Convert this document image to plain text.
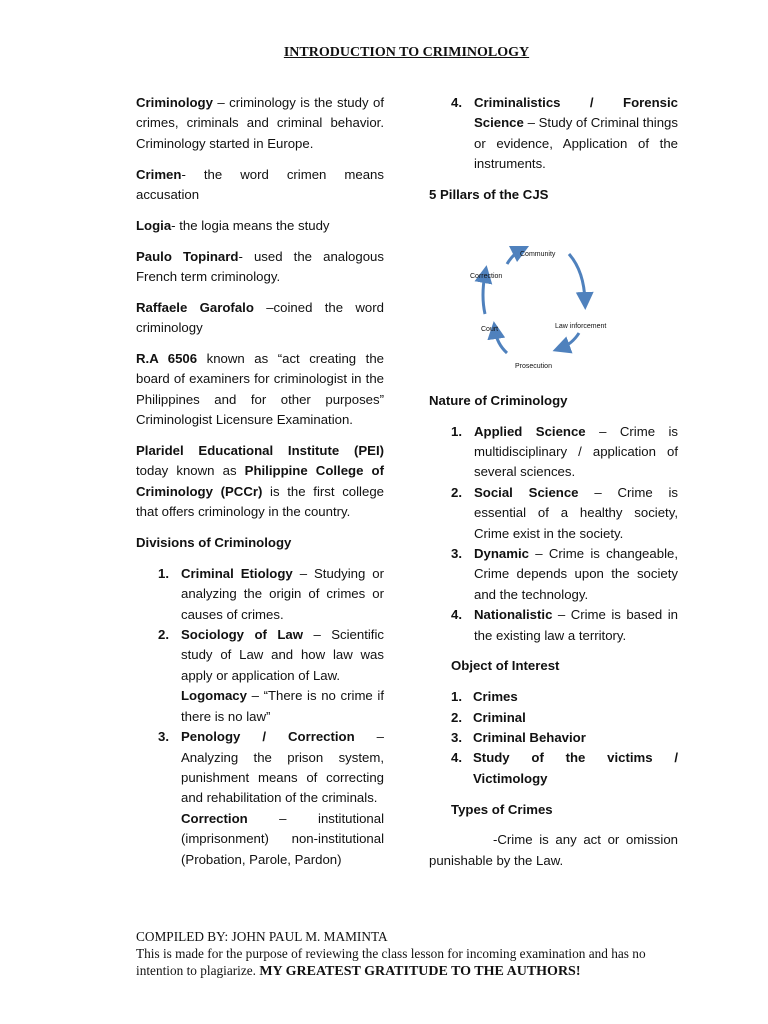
INTRODUCTION TO CRIMINOLOGY

Criminology – criminology is the study of crimes, criminals and criminal behavior. Criminology started in Europe.

Crimen- the word crimen means accusation

Logia- the logia means the study

Paulo Topinard- used the analogous French term criminology.

Raffaele Garofalo –coined the word criminology

R.A 6506 known as “act creating the board of examiners for criminologist in the Philippines and for other purposes” Criminologist Licensure Examination.

Plaridel Educational Institute (PEI) today known as Philippine College of Criminology (PCCr) is the first college that offers criminology in the country.

Divisions of Criminology

1. Criminal Etiology – Studying or analyzing the origin of crimes or causes of crimes.
2. Sociology of Law – Scientific study of Law and how law was apply or application of Law.

Logomacy – “There is no crime if there is no law”

3. Penology / Correction – Analyzing the prison system, punishment means of correcting and rehabilitation of the criminals.

Correction – institutional (imprisonment) non-institutional (Probation, Parole, Pardon)

4. Criminalistics / Forensic Science – Study of Criminal things or evidence, Application of the instruments.

5 Pillars of the CJS

Community
Law inforcement
Prosecution
Court
Correction

Nature of Criminology

1. Applied Science – Crime is multidisciplinary / application of several sciences.
2. Social Science – Crime is essential of a healthy society, Crime exist in the society.
3. Dynamic – Crime is changeable, Crime depends upon the society and the technology.
4. Nationalistic – Crime is based in the existing law a territory.

Object of Interest

1. Crimes
2. Criminal
3. Criminal Behavior
4. Study of the victims / Victimology

Types of Crimes

-Crime is any act or omission punishable by the Law.

COMPILED BY: JOHN PAUL M. MAMINTA
This is made for the purpose of reviewing the class lesson for incoming examination and has no intention to plagiarize. MY GREATEST GRATITUDE TO THE AUTHORS!
